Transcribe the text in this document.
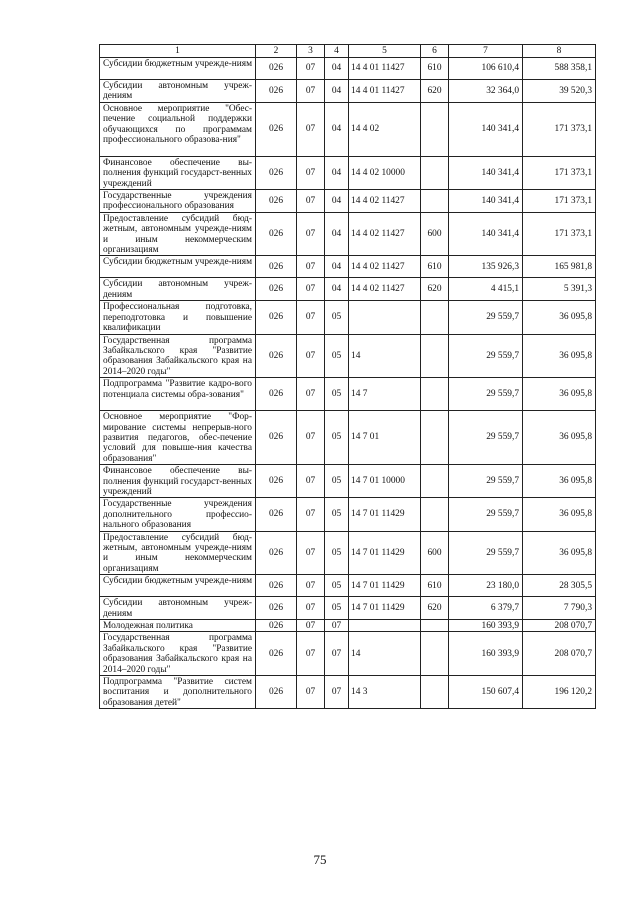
1	2	3	4	5	6	7	8
Субсидии бюджетным учрежде-ниям	026	07	04	14 4 01 11427	610	106 610,4	588 358,1
Субсидии автономным учреж-дениям	026	07	04	14 4 01 11427	620	32 364,0	39 520,3
Основное мероприятие "Обес-печение социальной поддержки обучающихся по программам профессионального образова-ния"	026	07	04	14 4 02		140 341,4	171 373,1
Финансовое обеспечение вы-полнения функций государст-венных учреждений	026	07	04	14 4 02 10000		140 341,4	171 373,1
Государственные учреждения профессионального образования	026	07	04	14 4 02 11427		140 341,4	171 373,1
Предоставление субсидий бюд-жетным, автономным учрежде-ниям и иным некоммерческим организациям	026	07	04	14 4 02 11427	600	140 341,4	171 373,1
Субсидии бюджетным учрежде-ниям	026	07	04	14 4 02 11427	610	135 926,3	165 981,8
Субсидии автономным учреж-дениям	026	07	04	14 4 02 11427	620	4 415,1	5 391,3
Профессиональная подготовка, переподготовка и повышение квалификации	026	07	05			29 559,7	36 095,8
Государственная программа Забайкальского края "Развитие образования Забайкальского края на 2014–2020 годы"	026	07	05	14		29 559,7	36 095,8
Подпрограмма "Развитие кадро-вого потенциала системы обра-зования"	026	07	05	14 7		29 559,7	36 095,8
Основное мероприятие "Фор-мирование системы непрерыв-ного развития педагогов, обес-печение условий для повыше-ния качества образования"	026	07	05	14 7 01		29 559,7	36 095,8
Финансовое обеспечение вы-полнения функций государст-венных учреждений	026	07	05	14 7 01 10000		29 559,7	36 095,8
Государственные учреждения дополнительного профессио-нального образования	026	07	05	14 7 01 11429		29 559,7	36 095,8
Предоставление субсидий бюд-жетным, автономным учрежде-ниям и иным некоммерческим организациям	026	07	05	14 7 01 11429	600	29 559,7	36 095,8
Субсидии бюджетным учрежде-ниям	026	07	05	14 7 01 11429	610	23 180,0	28 305,5
Субсидии автономным учреж-дениям	026	07	05	14 7 01 11429	620	6 379,7	7 790,3
Молодежная политика	026	07	07			160 393,9	208 070,7
Государственная программа Забайкальского края "Развитие образования Забайкальского края на 2014–2020 годы"	026	07	07	14		160 393,9	208 070,7
Подпрограмма "Развитие систем воспитания и дополнительного образования детей"	026	07	07	14 3		150 607,4	196 120,2
75
